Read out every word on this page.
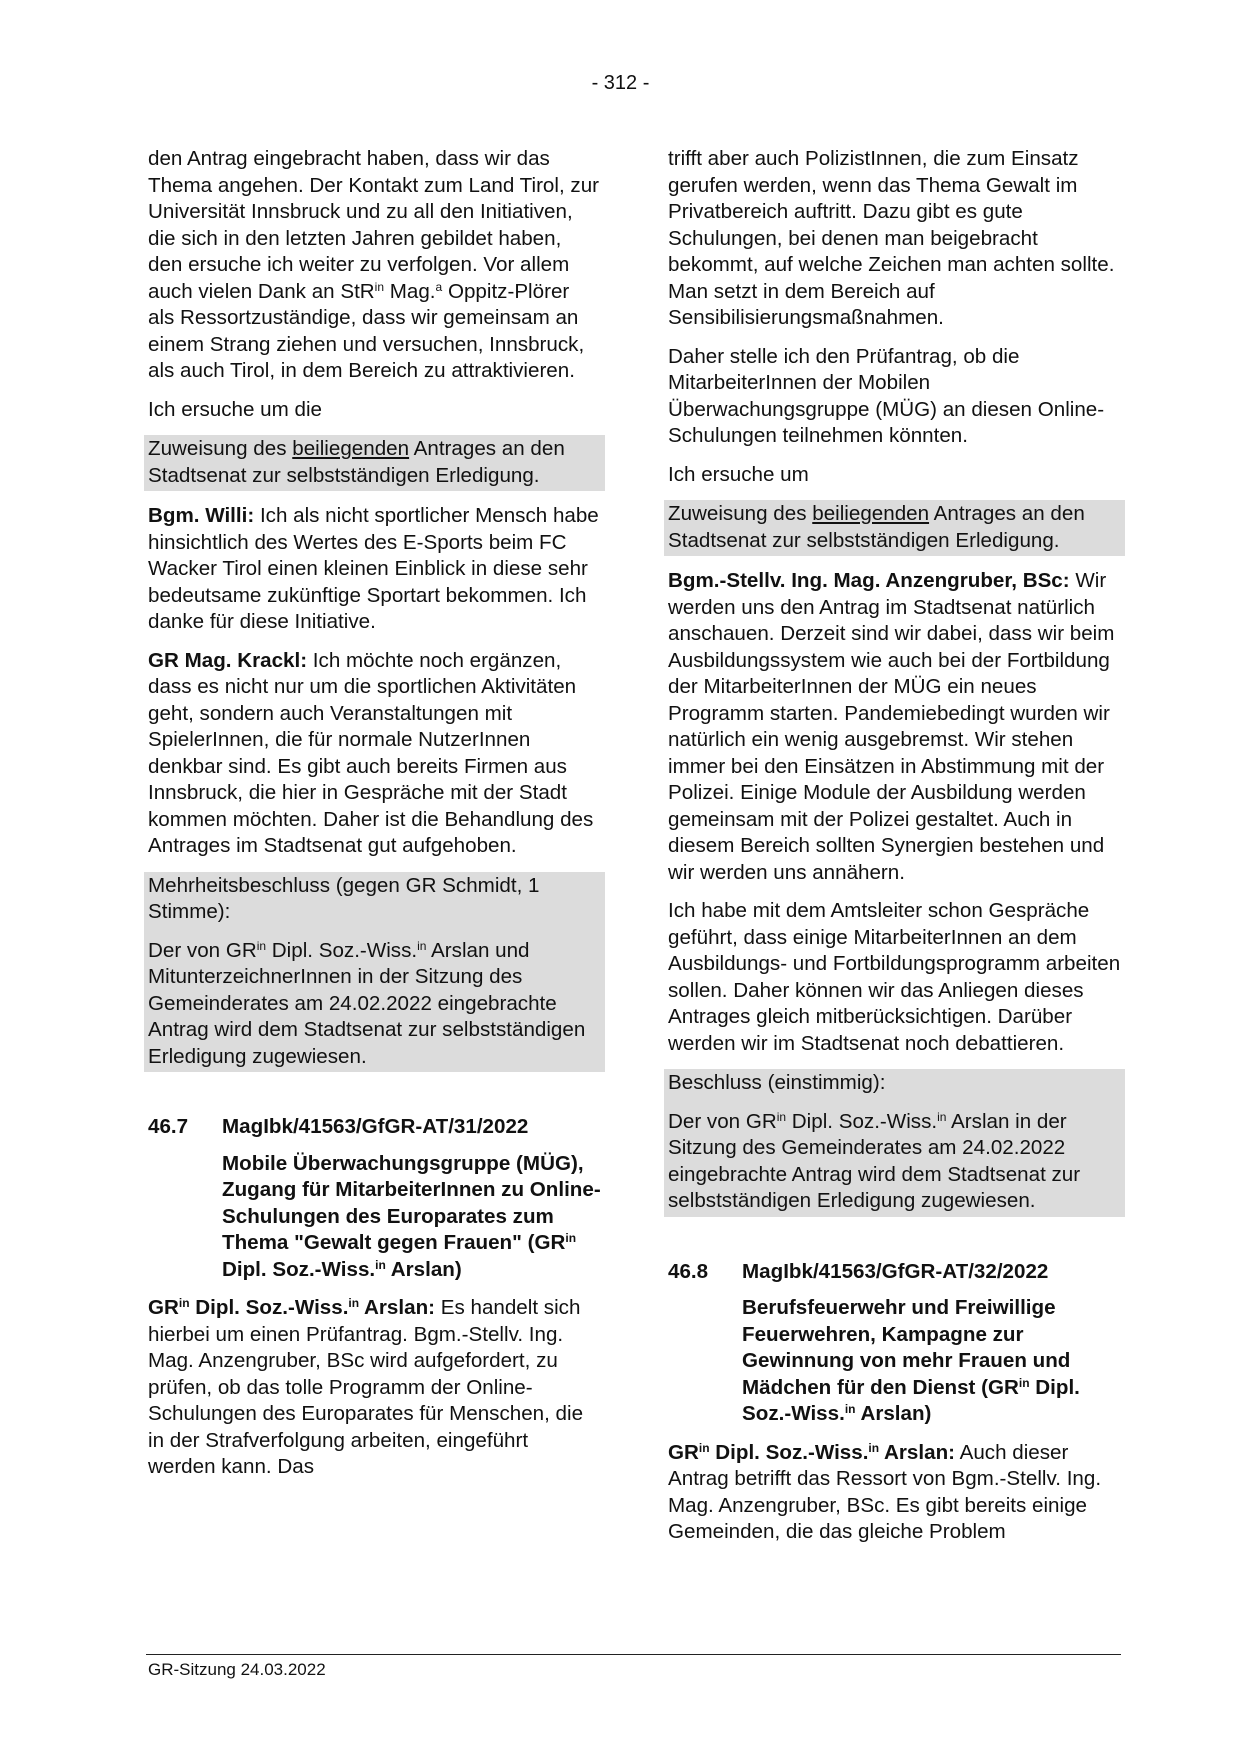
- 312 -

den Antrag eingebracht haben, dass wir das Thema angehen. Der Kontakt zum Land Tirol, zur Universität Innsbruck und zu all den Initiativen, die sich in den letzten Jahren gebildet haben, den ersuche ich weiter zu verfolgen. Vor allem auch vielen Dank an StR$^{in}$ Mag.$^a$ Oppitz-Plörer als Ressortzuständige, dass wir gemeinsam an einem Strang ziehen und versuchen, Innsbruck, als auch Tirol, in dem Bereich zu attraktivieren.

Ich ersuche um die

Zuweisung des beiliegenden Antrages an den Stadtsenat zur selbstständigen Erledigung.

Bgm. Willi: Ich als nicht sportlicher Mensch habe hinsichtlich des Wertes des E-Sports beim FC Wacker Tirol einen kleinen Einblick in diese sehr bedeutsame zukünftige Sportart bekommen. Ich danke für diese Initiative.

GR Mag. Krackl: Ich möchte noch ergänzen, dass es nicht nur um die sportlichen Aktivitäten geht, sondern auch Veranstaltungen mit SpielerInnen, die für normale NutzerInnen denkbar sind. Es gibt auch bereits Firmen aus Innsbruck, die hier in Gespräche mit der Stadt kommen möchten. Daher ist die Behandlung des Antrages im Stadtsenat gut aufgehoben.

Mehrheitsbeschluss (gegen GR Schmidt, 1 Stimme):

Der von $GR^{in}$ Dipl. Soz.-Wiss.$^{in}$ Arslan und MitunterzeichnerInnen in der Sitzung des Gemeinderates am 24.02.2022 eingebrachte Antrag wird dem Stadtsenat zur selbstständigen Erledigung zugewiesen.

46.7	MagIbk/41563/GfGR-AT/31/2022

Mobile Überwachungsgruppe (MÜG), Zugang für MitarbeiterInnen zu Online-Schulungen des Europarates zum Thema "Gewalt gegen Frauen" ($GR^{in}$ Dipl. Soz.-Wiss.$^{in}$ Arslan)

$GR^{in}$ Dipl. Soz.-Wiss.$^{in}$ Arslan: Es handelt sich hierbei um einen Prüfantrag. Bgm.-Stellv. Ing. Mag. Anzengruber, BSc wird aufgefordert, zu prüfen, ob das tolle Programm der Online-Schulungen des Europarates für Menschen, die in der Strafverfolgung arbeiten, eingeführt werden kann. Das

trifft aber auch PolizistInnen, die zum Einsatz gerufen werden, wenn das Thema Gewalt im Privatbereich auftritt. Dazu gibt es gute Schulungen, bei denen man beigebracht bekommt, auf welche Zeichen man achten sollte. Man setzt in dem Bereich auf Sensibilisierungsmaßnahmen.

Daher stelle ich den Prüfantrag, ob die MitarbeiterInnen der Mobilen Überwachungsgruppe (MÜG) an diesen Online-Schulungen teilnehmen könnten.

Ich ersuche um

Zuweisung des beiliegenden Antrages an den Stadtsenat zur selbstständigen Erledigung.

Bgm.-Stellv. Ing. Mag. Anzengruber, BSc: Wir werden uns den Antrag im Stadtsenat natürlich anschauen. Derzeit sind wir dabei, dass wir beim Ausbildungssystem wie auch bei der Fortbildung der MitarbeiterInnen der MÜG ein neues Programm starten. Pandemiebedingt wurden wir natürlich ein wenig ausgebremst. Wir stehen immer bei den Einsätzen in Abstimmung mit der Polizei. Einige Module der Ausbildung werden gemeinsam mit der Polizei gestaltet. Auch in diesem Bereich sollten Synergien bestehen und wir werden uns annähern.

Ich habe mit dem Amtsleiter schon Gespräche geführt, dass einige MitarbeiterInnen an dem Ausbildungs- und Fortbildungsprogramm arbeiten sollen. Daher können wir das Anliegen dieses Antrages gleich mitberücksichtigen. Darüber werden wir im Stadtsenat noch debattieren.

Beschluss (einstimmig):

Der von $GR^{in}$ Dipl. Soz.-Wiss.$^{in}$ Arslan in der Sitzung des Gemeinderates am 24.02.2022 eingebrachte Antrag wird dem Stadtsenat zur selbstständigen Erledigung zugewiesen.

46.8	MagIbk/41563/GfGR-AT/32/2022

Berufsfeuerwehr und Freiwillige Feuerwehren, Kampagne zur Gewinnung von mehr Frauen und Mädchen für den Dienst ($GR^{in}$ Dipl. Soz.-Wiss.$^{in}$ Arslan)

$GR^{in}$ Dipl. Soz.-Wiss.$^{in}$ Arslan: Auch dieser Antrag betrifft das Ressort von Bgm.-Stellv. Ing. Mag. Anzengruber, BSc. Es gibt bereits einige Gemeinden, die das gleiche Problem

GR-Sitzung 24.03.2022
